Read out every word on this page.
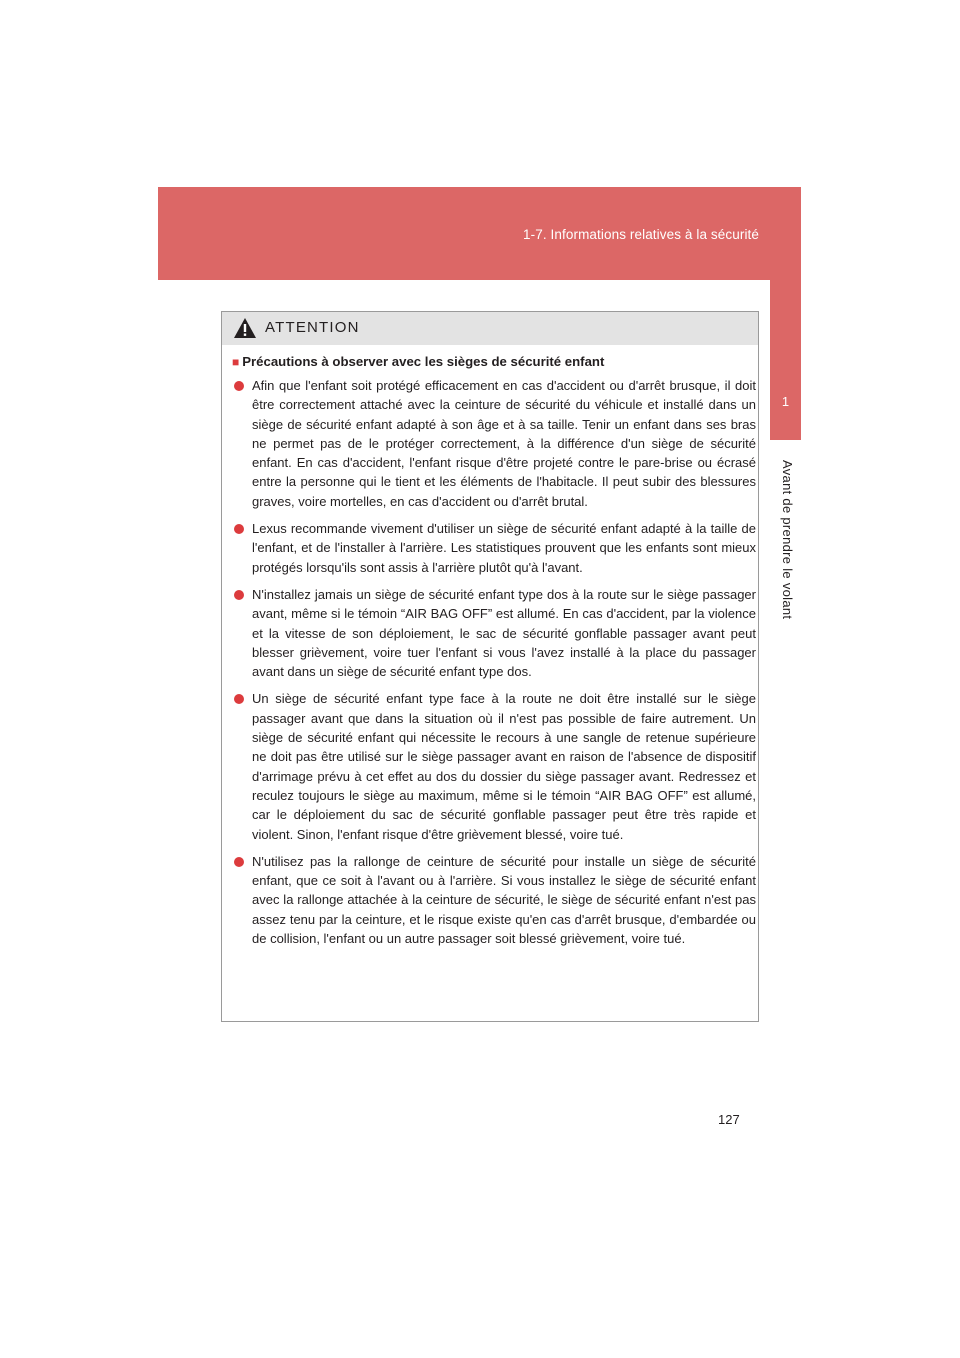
1-7. Informations relatives à la sécurité
1
Avant de prendre le volant
ATTENTION
■ Précautions à observer avec les sièges de sécurité enfant
Afin que l'enfant soit protégé efficacement en cas d'accident ou d'arrêt brusque, il doit être correctement attaché avec la ceinture de sécurité du véhicule et installé dans un siège de sécurité enfant adapté à son âge et à sa taille. Tenir un enfant dans ses bras ne permet pas de le protéger correctement, à la différence d'un siège de sécurité enfant. En cas d'accident, l'enfant risque d'être projeté contre le pare-brise ou écrasé entre la personne qui le tient et les éléments de l'habitacle. Il peut subir des blessures graves, voire mortelles, en cas d'accident ou d'arrêt brutal.
Lexus recommande vivement d'utiliser un siège de sécurité enfant adapté à la taille de l'enfant, et de l'installer à l'arrière. Les statistiques prouvent que les enfants sont mieux protégés lorsqu'ils sont assis à l'arrière plutôt qu'à l'avant.
N'installez jamais un siège de sécurité enfant type dos à la route sur le siège passager avant, même si le témoin “AIR BAG OFF” est allumé. En cas d'accident, par la violence et la vitesse de son déploiement, le sac de sécurité gonflable passager avant peut blesser grièvement, voire tuer l'enfant si vous l'avez installé à la place du passager avant dans un siège de sécurité enfant type dos.
Un siège de sécurité enfant type face à la route ne doit être installé sur le siège passager avant que dans la situation où il n'est pas possible de faire autrement. Un siège de sécurité enfant qui nécessite le recours à une sangle de retenue supérieure ne doit pas être utilisé sur le siège passager avant en raison de l'absence de dispositif d'arrimage prévu à cet effet au dos du dossier du siège passager avant. Redressez et reculez toujours le siège au maximum, même si le témoin “AIR BAG OFF” est allumé, car le déploiement du sac de sécurité gonflable passager peut être très rapide et violent. Sinon, l'enfant risque d'être grièvement blessé, voire tué.
N'utilisez pas la rallonge de ceinture de sécurité pour installe un siège de sécurité enfant, que ce soit à l'avant ou à l'arrière. Si vous installez le siège de sécurité enfant avec la rallonge attachée à la ceinture de sécurité, le siège de sécurité enfant n'est pas assez tenu par la ceinture, et le risque existe qu'en cas d'arrêt brusque, d'embardée ou de collision, l'enfant ou un autre passager soit blessé grièvement, voire tué.
127
